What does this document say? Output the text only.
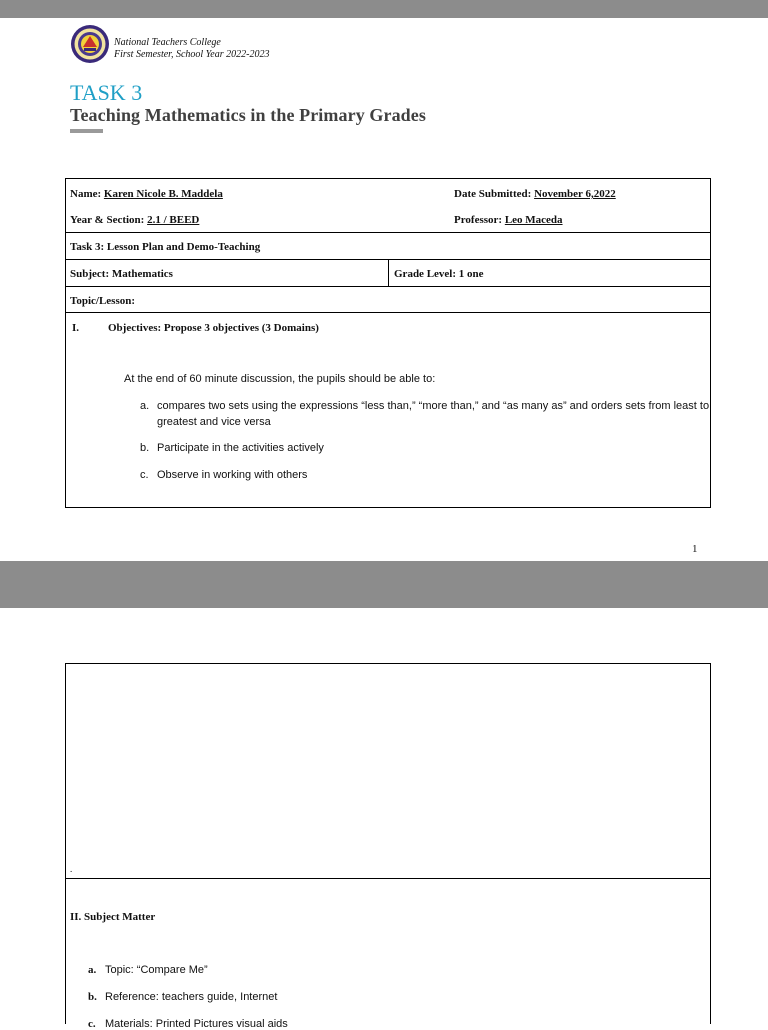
National Teachers College
First Semester, School Year 2022-2023
TASK 3
Teaching Mathematics in the Primary Grades
Name: Karen Nicole B. Maddela	Date Submitted: November 6,2022
Year & Section: 2.1 / BEED	Professor: Leo Maceda
Task 3: Lesson Plan and Demo-Teaching
Subject: Mathematics	Grade Level: 1 one
Topic/Lesson:
I.	Objectives: Propose 3 objectives (3 Domains)
At the end of 60 minute discussion, the pupils should be able to:
a. compares two sets using the expressions “less than,” “more than,” and “as many as” and orders sets from least to
greatest and vice versa
b. Participate in the activities actively
c. Observe in working with others
1
.
II. Subject Matter
a. Topic: “Compare Me”
b. Reference: teachers guide, Internet
c. Materials: Printed Pictures visual aids
